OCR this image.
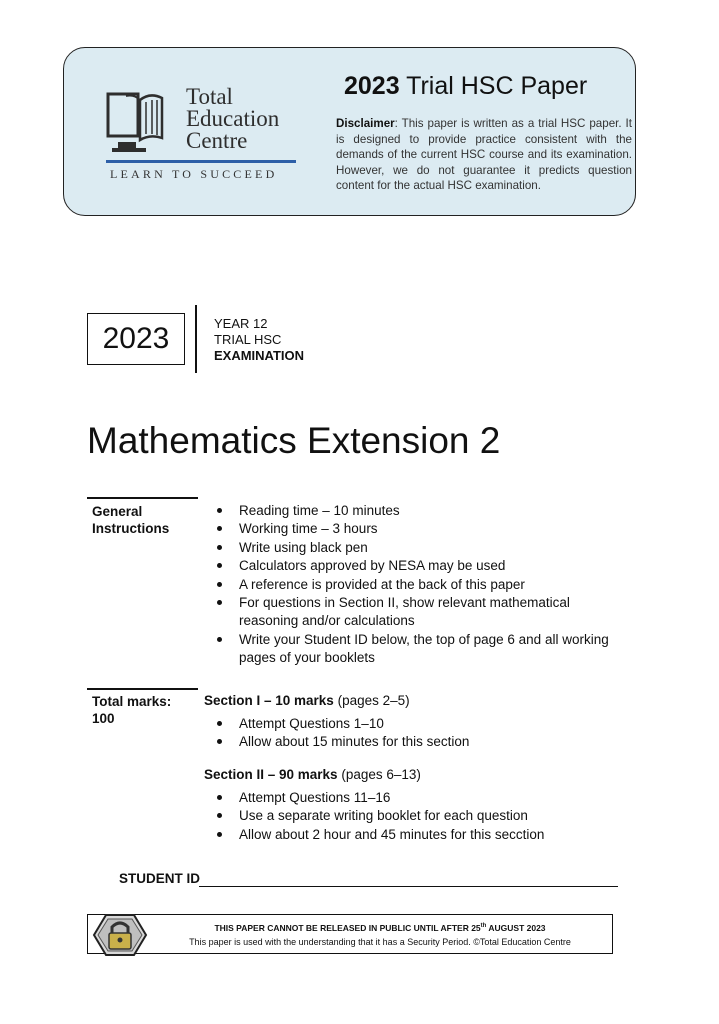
Total
Education
Centre
LEARN TO SUCCEED
2023 Trial HSC Paper
Disclaimer: This paper is written as a trial HSC paper. It is designed to provide practice consistent with the demands of the current HSC course and its examination. However, we do not guarantee it predicts question content for the actual HSC examination.
2023	YEAR 12
TRIAL HSC
EXAMINATION
Mathematics Extension 2
General
Instructions
Reading time – 10 minutes
Working time – 3 hours
Write using black pen
Calculators approved by NESA may be used
A reference is provided at the back of this paper
For questions in Section II, show relevant mathematical reasoning and/or calculations
Write your Student ID below, the top of page 6 and all working pages of your booklets
Total marks:
100
Section I – 10 marks (pages 2–5)
Attempt Questions 1–10
Allow about 15 minutes for this section
Section II – 90 marks (pages 6–13)
Attempt Questions 11–16
Use a separate writing booklet for each question
Allow about 2 hour and 45 minutes for this secction
STUDENT ID
THIS PAPER CANNOT BE RELEASED IN PUBLIC UNTIL AFTER 25th AUGUST 2023
This paper is used with the understanding that it has a Security Period. ©Total Education Centre
